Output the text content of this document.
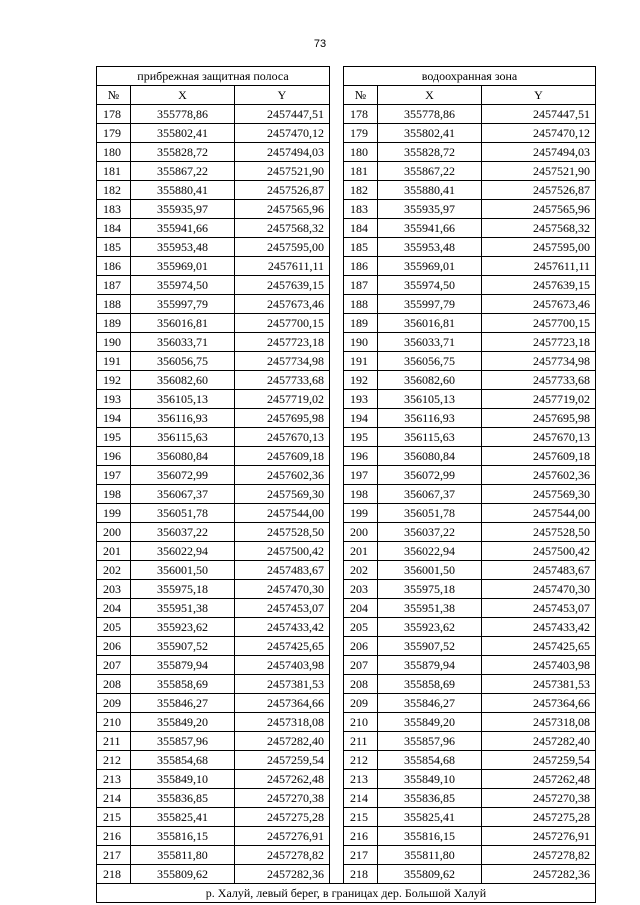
73
прибрежная защитная полоса				водоохранная зона		
№	X	Y		№	X	Y
178	355778,86	2457447,51		178	355778,86	2457447,51
179	355802,41	2457470,12		179	355802,41	2457470,12
180	355828,72	2457494,03		180	355828,72	2457494,03
181	355867,22	2457521,90		181	355867,22	2457521,90
182	355880,41	2457526,87		182	355880,41	2457526,87
183	355935,97	2457565,96		183	355935,97	2457565,96
184	355941,66	2457568,32		184	355941,66	2457568,32
185	355953,48	2457595,00		185	355953,48	2457595,00
186	355969,01	2457611,11		186	355969,01	2457611,11
187	355974,50	2457639,15		187	355974,50	2457639,15
188	355997,79	2457673,46		188	355997,79	2457673,46
189	356016,81	2457700,15		189	356016,81	2457700,15
190	356033,71	2457723,18		190	356033,71	2457723,18
191	356056,75	2457734,98		191	356056,75	2457734,98
192	356082,60	2457733,68		192	356082,60	2457733,68
193	356105,13	2457719,02		193	356105,13	2457719,02
194	356116,93	2457695,98		194	356116,93	2457695,98
195	356115,63	2457670,13		195	356115,63	2457670,13
196	356080,84	2457609,18		196	356080,84	2457609,18
197	356072,99	2457602,36		197	356072,99	2457602,36
198	356067,37	2457569,30		198	356067,37	2457569,30
199	356051,78	2457544,00		199	356051,78	2457544,00
200	356037,22	2457528,50		200	356037,22	2457528,50
201	356022,94	2457500,42		201	356022,94	2457500,42
202	356001,50	2457483,67		202	356001,50	2457483,67
203	355975,18	2457470,30		203	355975,18	2457470,30
204	355951,38	2457453,07		204	355951,38	2457453,07
205	355923,62	2457433,42		205	355923,62	2457433,42
206	355907,52	2457425,65		206	355907,52	2457425,65
207	355879,94	2457403,98		207	355879,94	2457403,98
208	355858,69	2457381,53		208	355858,69	2457381,53
209	355846,27	2457364,66		209	355846,27	2457364,66
210	355849,20	2457318,08		210	355849,20	2457318,08
211	355857,96	2457282,40		211	355857,96	2457282,40
212	355854,68	2457259,54		212	355854,68	2457259,54
213	355849,10	2457262,48		213	355849,10	2457262,48
214	355836,85	2457270,38		214	355836,85	2457270,38
215	355825,41	2457275,28		215	355825,41	2457275,28
216	355816,15	2457276,91		216	355816,15	2457276,91
217	355811,80	2457278,82		217	355811,80	2457278,82
218	355809,62	2457282,36		218	355809,62	2457282,36
р. Халуй, левый берег, в границах дер. Большой Халуй						
